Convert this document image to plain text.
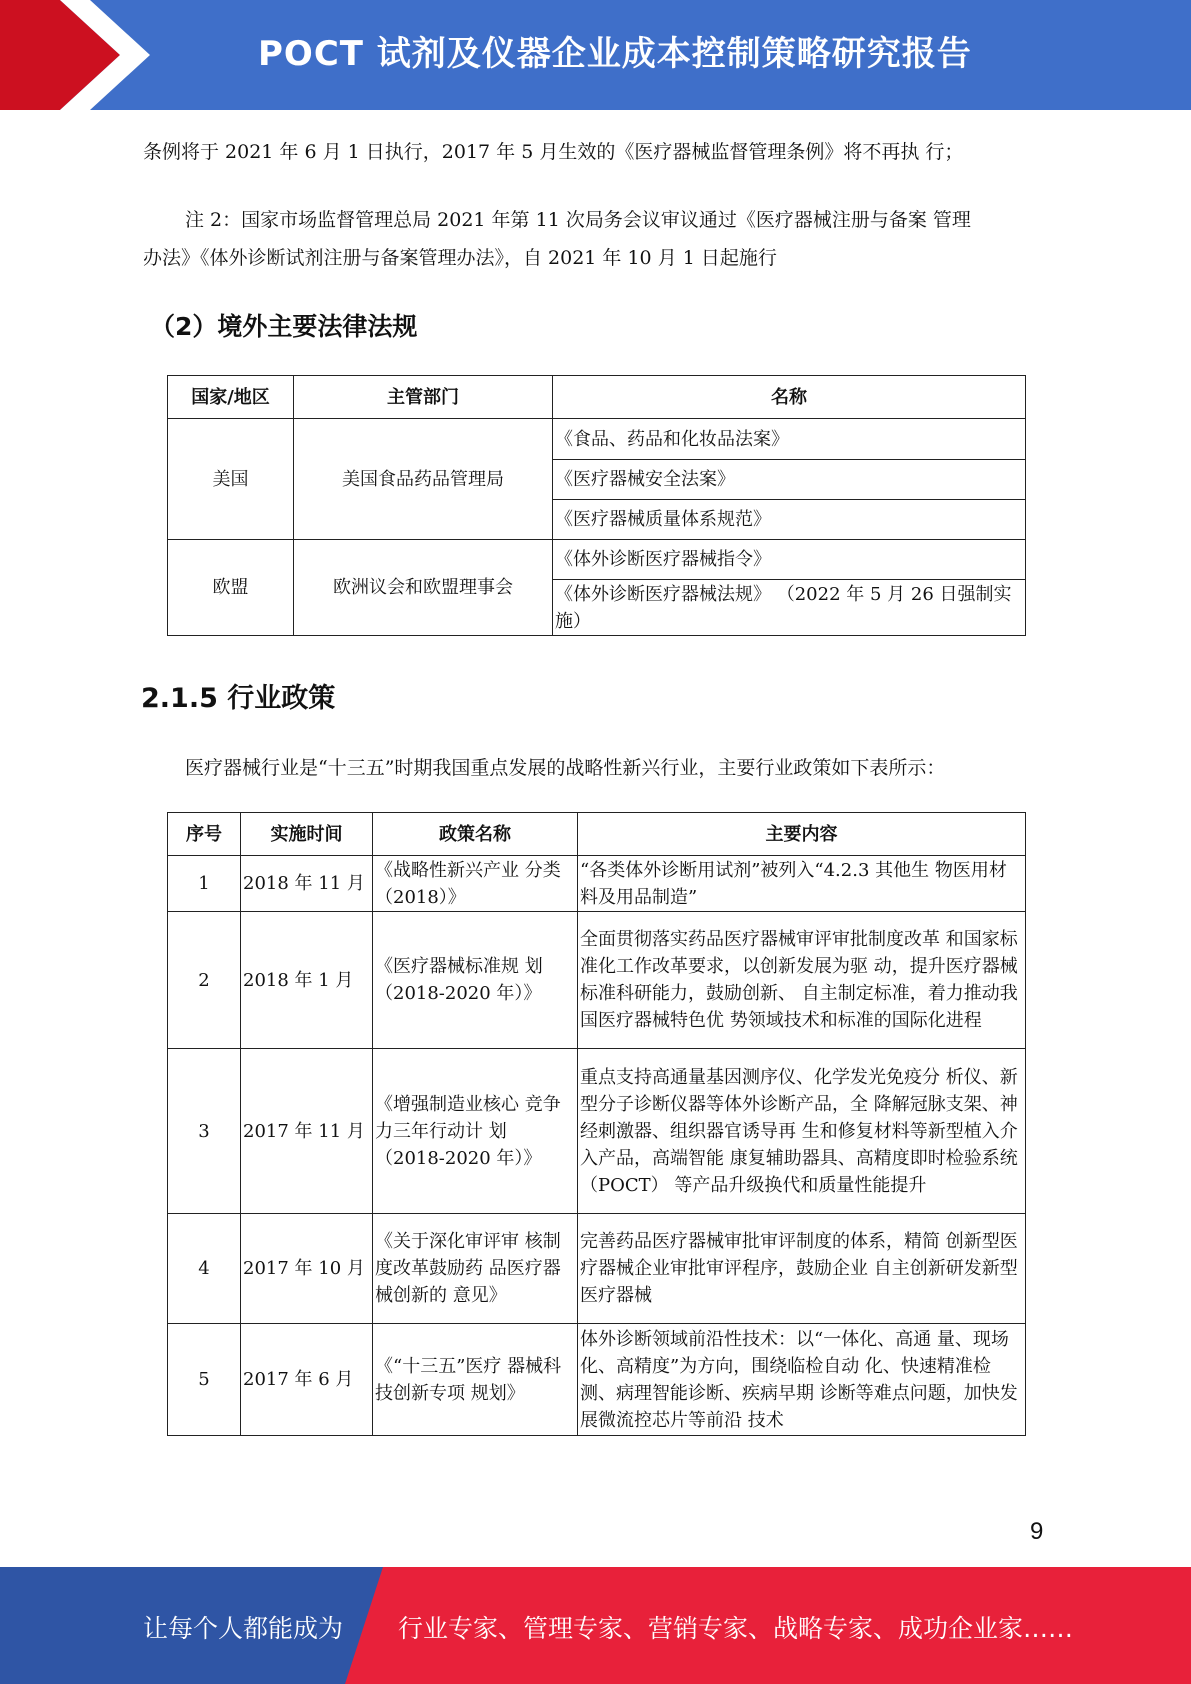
POCT 试剂及仪器企业成本控制策略研究报告
条例将于 2021 年 6 月 1 日执行，2017 年 5 月生效的《医疗器械监督管理条例》将不再执 行；
注 2：国家市场监督管理总局 2021 年第 11 次局务会议审议通过《医疗器械注册与备案 管理
办法》《体外诊断试剂注册与备案管理办法》，自 2021 年 10 月 1 日起施行
（2）境外主要法律法规
国家/地区	主管部门	名称
美国	美国食品药品管理局	《食品、药品和化妆品法案》
		《医疗器械安全法案》
		《医疗器械质量体系规范》
欧盟	欧洲议会和欧盟理事会	《体外诊断医疗器械指令》
		《体外诊断医疗器械法规》 （2022 年 5 月 26 日强制实施）
2.1.5 行业政策
医疗器械行业是“十三五”时期我国重点发展的战略性新兴行业，主要行业政策如下表所示：
序号	实施时间	政策名称	主要内容
1	2018 年 11 月	《战略性新兴产业 分类（2018）》	“各类体外诊断用试剂”被列入“4.2.3 其他生 物医用材料及用品制造”
2	2018 年 1 月	《医疗器械标准规 划（2018-2020 年）》	全面贯彻落实药品医疗器械审评审批制度改革 和国家标准化工作改革要求，以创新发展为驱 动，提升医疗器械标准科研能力，鼓励创新、 自主制定标准，着力推动我国医疗器械特色优 势领域技术和标准的国际化进程
3	2017 年 11 月	《增强制造业核心 竞争力三年行动计 划（2018-2020 年）》	重点支持高通量基因测序仪、化学发光免疫分 析仪、新型分子诊断仪器等体外诊断产品，全 降解冠脉支架、神经刺激器、组织器官诱导再 生和修复材料等新型植入介入产品，高端智能 康复辅助器具、高精度即时检验系统（POCT） 等产品升级换代和质量性能提升
4	2017 年 10 月	《关于深化审评审 核制度改革鼓励药 品医疗器械创新的 意见》	完善药品医疗器械审批审评制度的体系，精简 创新型医疗器械企业审批审评程序，鼓励企业 自主创新研发新型医疗器械
5	2017 年 6 月	《“十三五”医疗 器械科技创新专项 规划》	体外诊断领域前沿性技术：以“一体化、高通 量、现场化、高精度”为方向，围绕临检自动 化、快速精准检测、病理智能诊断、疾病早期 诊断等难点问题，加快发展微流控芯片等前沿 技术
9
让每个人都能成为 行业专家、管理专家、营销专家、战略专家、成功企业家……
